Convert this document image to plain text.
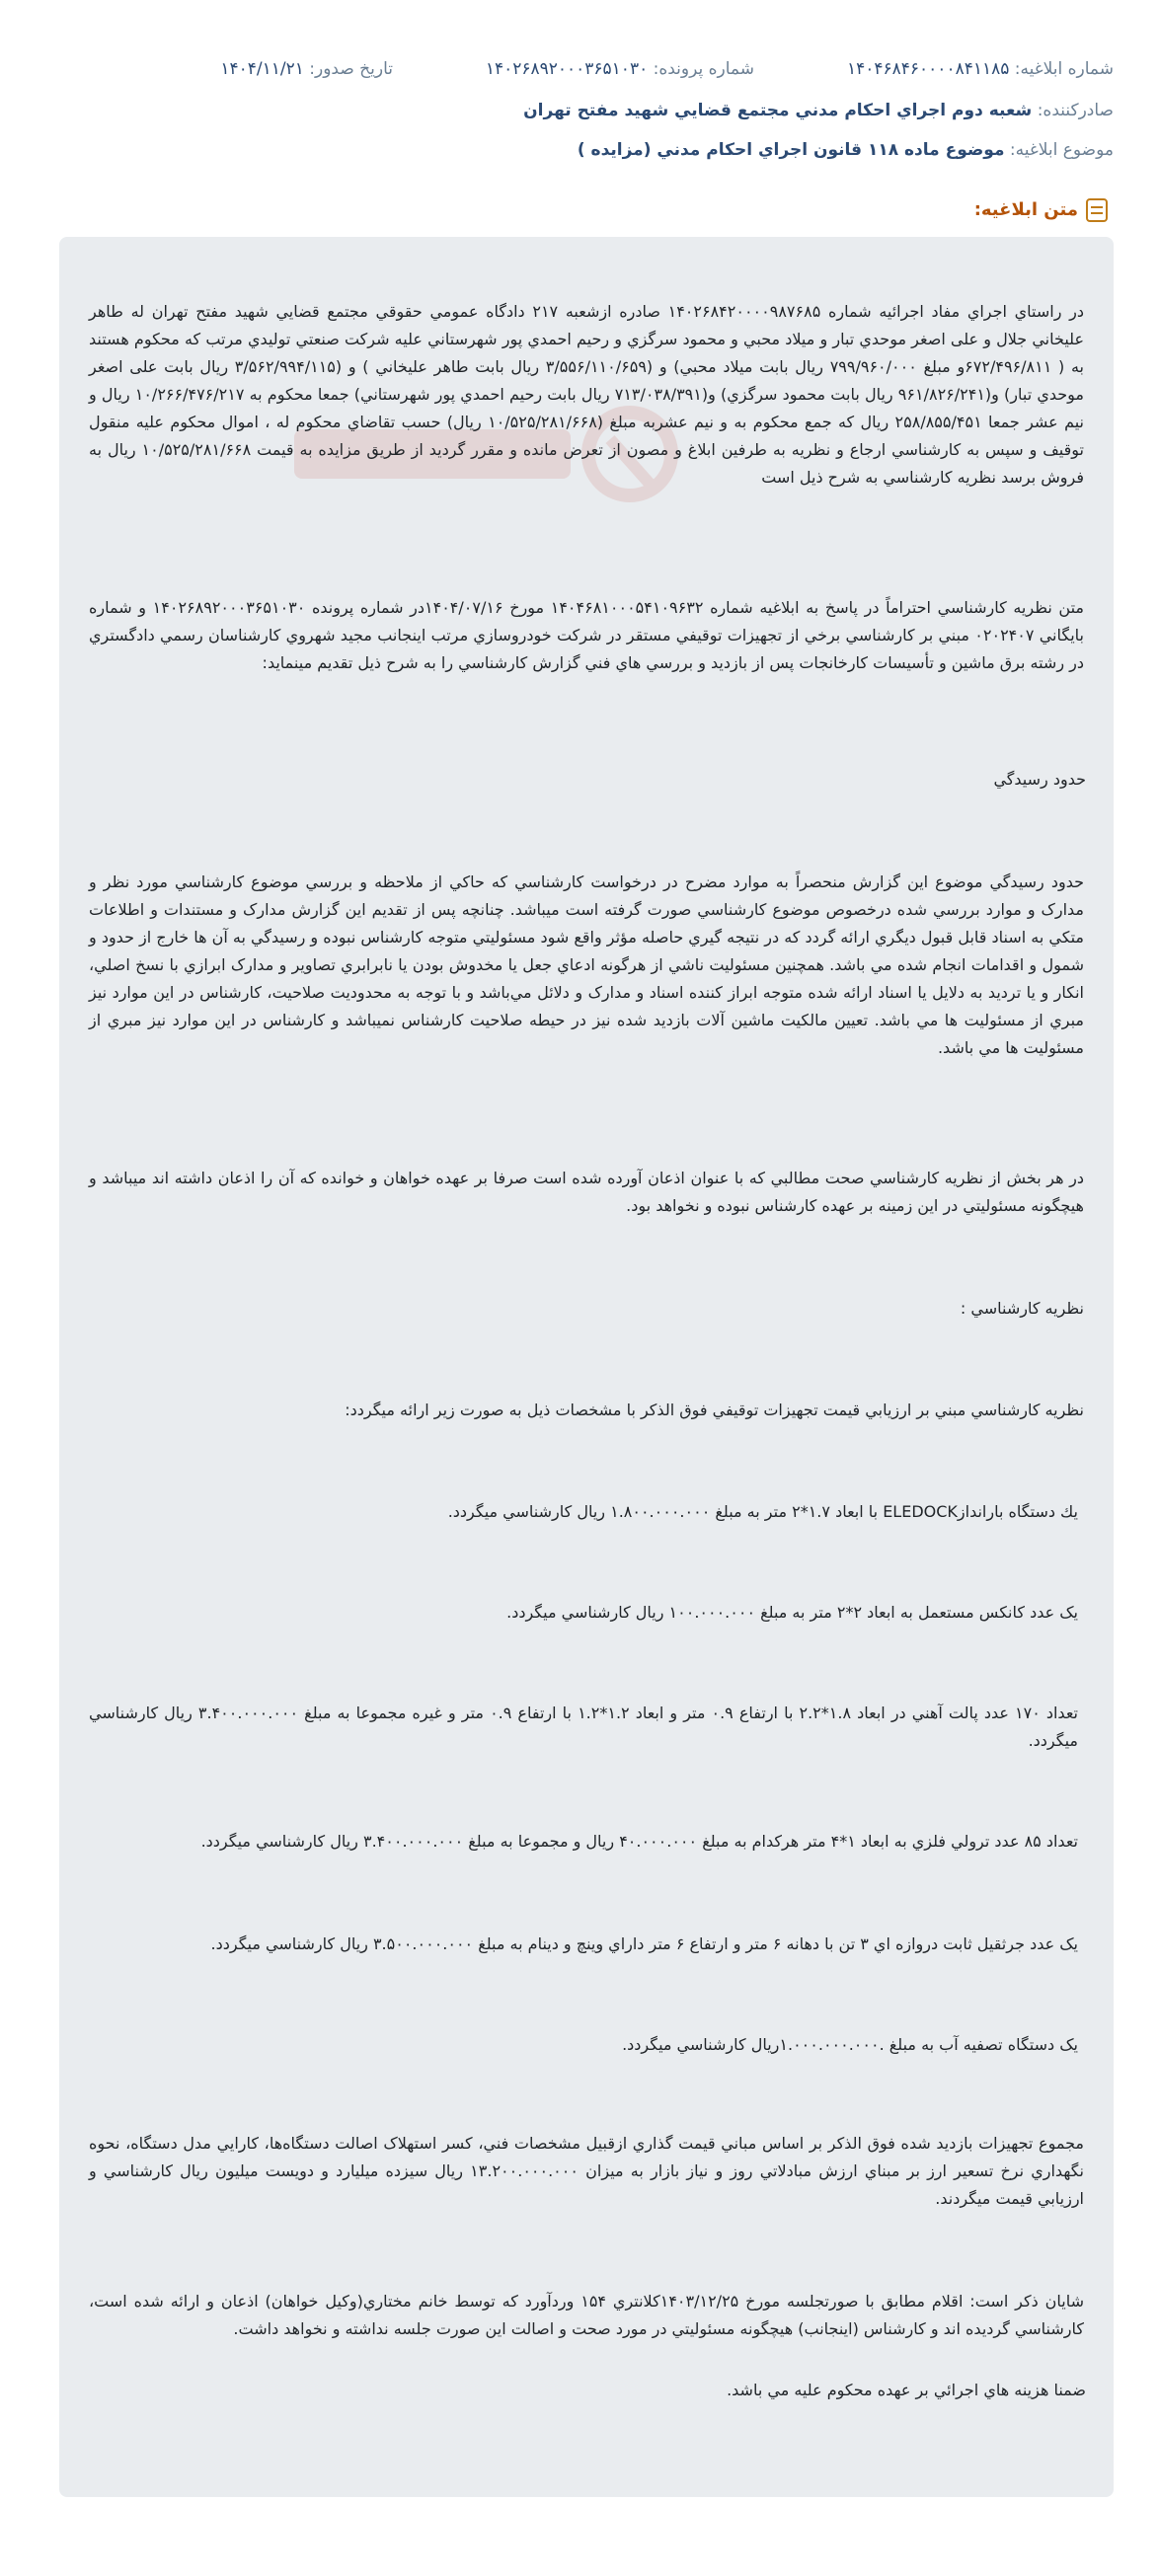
شماره ابلاغيه: ۱۴۰۴۶۸۴۶۰۰۰۰۸۴۱۱۸۵
شماره پرونده: ۱۴۰۲۶۸۹۲۰۰۰۳۶۵۱۰۳۰
تاريخ صدور: ۱۴۰۴/۱۱/۲۱
صادرکننده: شعبه دوم اجراي احکام مدني مجتمع قضايي شهيد مفتح تهران
موضوع ابلاغيه: موضوع ماده ۱۱۸ قانون اجراي احکام مدني (مزايده )
متن ابلاغيه:

در راستاي اجراي مفاد اجرائيه شماره ۱۴۰۲۶۸۴۲۰۰۰۰۹۸۷۶۸۵ صادره ازشعبه ۲۱۷ دادگاه عمومي حقوقي مجتمع قضايي شهيد مفتح تهران له طاهر عليخاني جلال و علی اصغر موحدي تبار و ميلاد محبي و محمود سرگزي و رحيم احمدي پور شهرستاني عليه شرکت صنعتي توليدي مرتب که محکوم هستند به ( ۶۷۲/۴۹۶/۸۱۱و مبلغ ۷۹۹/۹۶۰/۰۰۰ ريال بابت ميلاد محبي) و (۳/۵۵۶/۱۱۰/۶۵۹ ريال بابت طاهر عليخاني ) و (۳/۵۶۲/۹۹۴/۱۱۵ ريال بابت علی اصغر موحدي تبار) و(۹۶۱/۸۲۶/۲۴۱ ريال بابت محمود سرگزي) و(۷۱۳/۰۳۸/۳۹۱ ريال بابت رحيم احمدي پور شهرستاني) جمعا محکوم به ۱۰/۲۶۶/۴۷۶/۲۱۷ ريال و نيم عشر جمعا ۲۵۸/۸۵۵/۴۵۱ ريال که جمع محکوم به و نيم عشربه مبلغ (۱۰/۵۲۵/۲۸۱/۶۶۸ ريال) حسب تقاضاي محکوم له ، اموال محکوم عليه منقول توقيف و سپس به کارشناسي ارجاع و نظريه به طرفين ابلاغ و مصون از تعرض مانده و مقرر گرديد از طريق مزايده به قيمت ۱۰/۵۲۵/۲۸۱/۶۶۸ ريال به فروش برسد نظريه کارشناسي به شرح ذيل است

متن نظريه کارشناسي احتراماً در پاسخ به ابلاغيه شماره ۱۴۰۴۶۸۱۰۰۰۵۴۱۰۹۶۳۲ مورخ ۱۴۰۴/۰۷/۱۶در شماره پرونده ۱۴۰۲۶۸۹۲۰۰۰۳۶۵۱۰۳۰ و شماره بايگاني ۰۲۰۲۴۰۷ مبني بر کارشناسي برخي از تجهيزات توقيفي مستقر در شرکت خودروسازي مرتب اينجانب مجيد شهروي کارشناسان رسمي دادگستري در رشته برق ماشين و تأسيسات کارخانجات پس از بازديد و بررسي هاي فني گزارش کارشناسي را به شرح ذيل تقديم مينمايد:

حدود رسيدگي

حدود رسيدگي موضوع اين گزارش منحصراً به موارد مضرح در درخواست کارشناسي که حاکي از ملاحظه و بررسي موضوع کارشناسي مورد نظر و مدارک و موارد بررسي شده درخصوص موضوع کارشناسي صورت گرفته است ميباشد. چنانچه پس از تقديم اين گزارش مدارک و مستندات و اطلاعات متکي به اسناد قابل قبول ديگري ارائه گردد که در نتيجه گيري حاصله مؤثر واقع شود مسئوليتي متوجه کارشناس نبوده و رسيدگي به آن ها خارج از حدود و شمول و اقدامات انجام شده مي باشد. همچنين مسئوليت ناشي از هرگونه ادعاي جعل يا مخدوش بودن يا نابرابري تصاوير و مدارک ابرازي با نسخ اصلي، انکار و يا ترديد به دلايل يا اسناد ارائه شده متوجه ابراز کننده اسناد و مدارک و دلائل مي‌باشد و با توجه به محدوديت صلاحيت، کارشناس در اين موارد نيز مبري از مسئوليت ها مي باشد. تعيين مالکيت ماشين آلات بازديد شده نيز در حيطه صلاحيت کارشناس نميباشد و کارشناس در اين موارد نيز مبري از مسئوليت ها مي باشد.

در هر بخش از نظريه کارشناسي صحت مطالبي که با عنوان اذعان آورده شده است صرفا بر عهده خواهان و خوانده که آن را اذعان داشته اند ميباشد و هيچگونه مسئوليتي در اين زمينه بر عهده کارشناس نبوده و نخواهد بود.

نظريه کارشناسي :

نظريه کارشناسي مبني بر ارزيابي قيمت تجهيزات توقيفي فوق الذکر با مشخصات ذيل به صورت زير ارائه ميگردد:

يك دستگاه باراندازELEDOCK با ابعاد ۱.۷*۲ متر به مبلغ ۱.۸۰۰.۰۰۰.۰۰۰ ريال كارشناسي ميگردد.

يک عدد کانکس مستعمل به ابعاد ۲*۲ متر به مبلغ ۱۰۰.۰۰۰.۰۰۰ ريال کارشناسي ميگردد.

تعداد ۱۷۰ عدد پالت آهني در ابعاد ۱.۸*۲.۲ با ارتفاع ۰.۹ متر و ابعاد ۱.۲*۱.۲ با ارتفاع ۰.۹ متر و غيره مجموعا به مبلغ ۳.۴۰۰.۰۰۰.۰۰۰ ريال کارشناسي ميگردد.

تعداد ۸۵ عدد ترولي فلزي به ابعاد ۱*۴ متر هرکدام به مبلغ ۴۰.۰۰۰.۰۰۰ ريال و مجموعا به مبلغ ۳.۴۰۰.۰۰۰.۰۰۰ ريال کارشناسي ميگردد.

يک عدد جرثقيل ثابت دروازه اي ۳ تن با دهانه ۶ متر و ارتفاع ۶ متر داراي وينچ و دينام به مبلغ ۳.۵۰۰.۰۰۰.۰۰۰ ريال کارشناسي ميگردد.

يک دستگاه تصفيه آب به مبلغ .۱.۰۰۰.۰۰۰.۰۰۰ريال کارشناسي ميگردد.

مجموع تجهيزات بازديد شده فوق الذکر بر اساس مباني قيمت گذاري ازقبيل مشخصات فني، کسر استهلاک اصالت دستگاه‌ها، کارايي مدل دستگاه، نحوه نگهداري نرخ تسعير ارز بر مبناي ارزش مبادلاتي روز و نياز بازار به ميزان ۱۳.۲۰۰.۰۰۰.۰۰۰ ريال سيزده ميليارد و دويست ميليون ريال کارشناسي و ارزيابي قيمت ميگردند.

شايان ذکر است: اقلام مطابق با صورتجلسه مورخ ۱۴۰۳/۱۲/۲۵کلانتري ۱۵۴ وردآورد که توسط خانم مختاري(وکيل خواهان) اذعان و ارائه شده است، کارشناسي گرديده اند و کارشناس (اينجانب) هيچگونه مسئوليتي در مورد صحت و اصالت اين صورت جلسه نداشته و نخواهد داشت.

ضمنا هزينه هاي اجرائي بر عهده محکوم عليه مي باشد.
